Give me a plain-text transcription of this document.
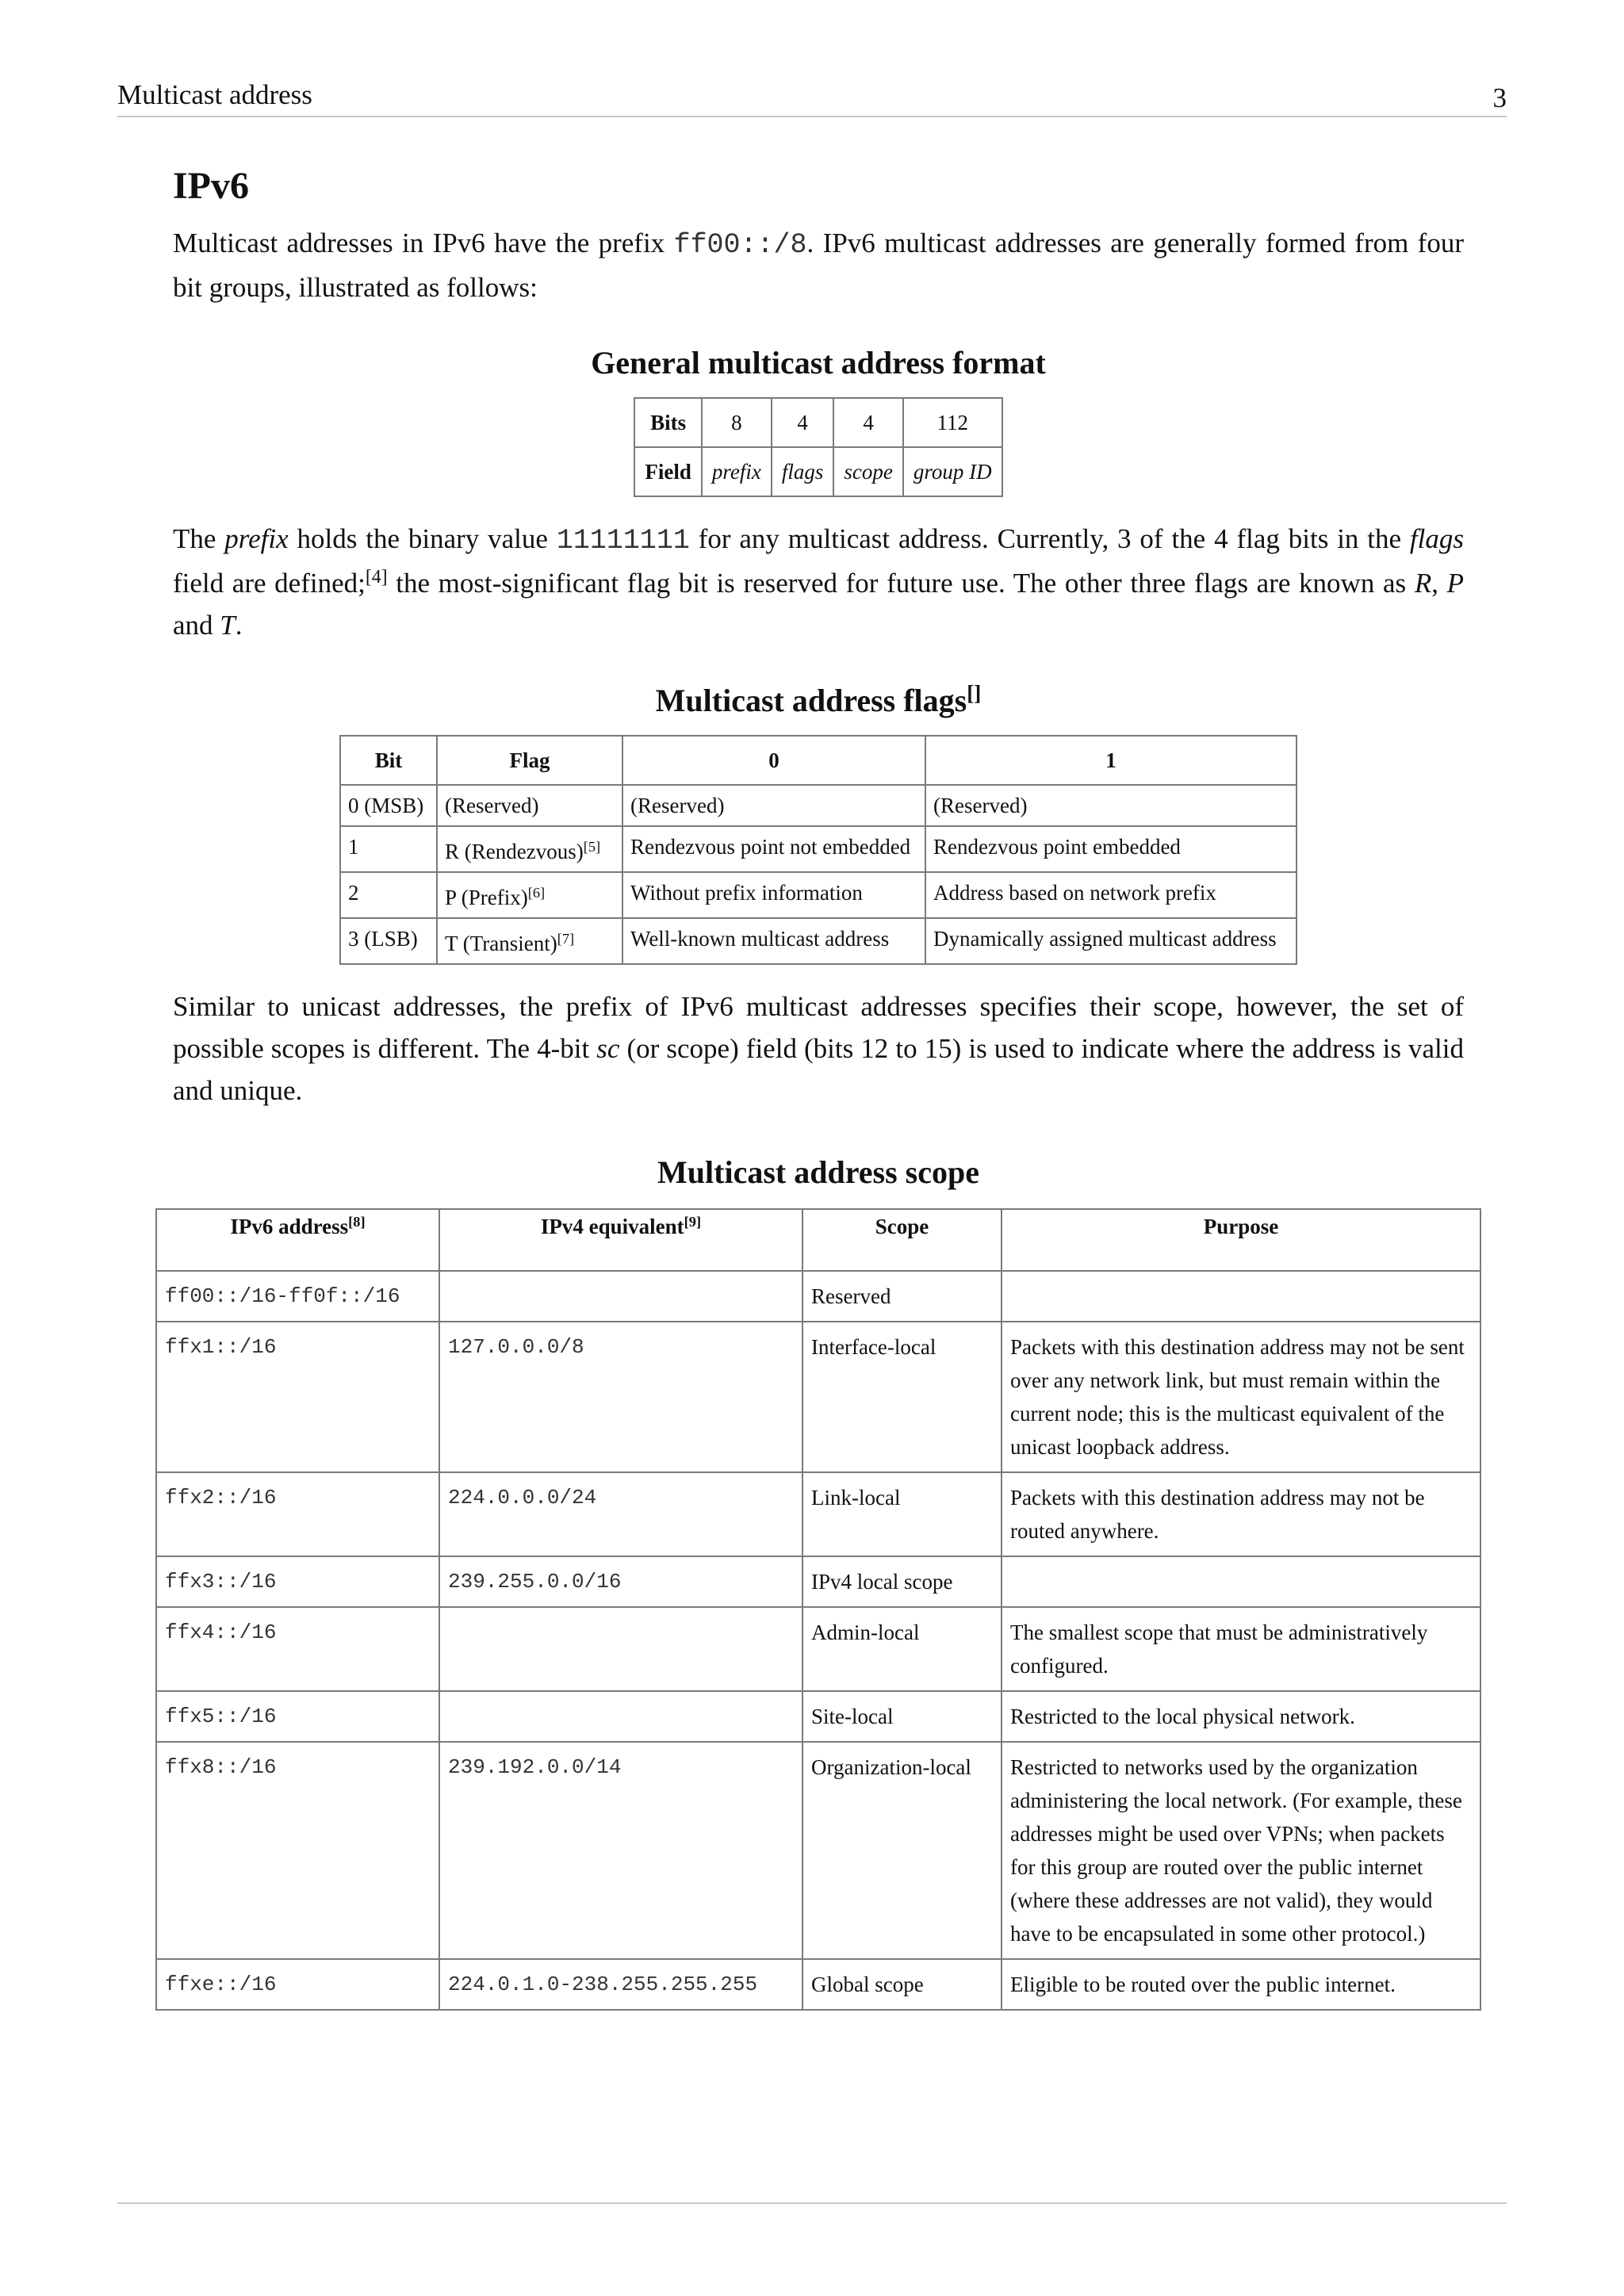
Multicast address	3
IPv6

Multicast addresses in IPv6 have the prefix ff00::/8. IPv6 multicast addresses are generally formed from four bit groups, illustrated as follows:

General multicast address format
Bits	8	4	4	112
Field	prefix	flags	scope	group ID

The prefix holds the binary value 11111111 for any multicast address. Currently, 3 of the 4 flag bits in the flags field are defined;[4] the most-significant flag bit is reserved for future use. The other three flags are known as R, P and T.

Multicast address flags[]
Bit	Flag	0	1
0 (MSB)	(Reserved)	(Reserved)	(Reserved)
1	R (Rendezvous)[5]	Rendezvous point not embedded	Rendezvous point embedded
2	P (Prefix)[6]	Without prefix information	Address based on network prefix
3 (LSB)	T (Transient)[7]	Well-known multicast address	Dynamically assigned multicast address

Similar to unicast addresses, the prefix of IPv6 multicast addresses specifies their scope, however, the set of possible scopes is different. The 4-bit sc (or scope) field (bits 12 to 15) is used to indicate where the address is valid and unique.

Multicast address scope
IPv6 address[8]	IPv4 equivalent[9]	Scope	Purpose
ff00::/16-ff0f::/16		Reserved	
ffx1::/16	127.0.0.0/8	Interface-local	Packets with this destination address may not be sent over any network link, but must remain within the current node; this is the multicast equivalent of the unicast loopback address.
ffx2::/16	224.0.0.0/24	Link-local	Packets with this destination address may not be routed anywhere.
ffx3::/16	239.255.0.0/16	IPv4 local scope	
ffx4::/16		Admin-local	The smallest scope that must be administratively configured.
ffx5::/16		Site-local	Restricted to the local physical network.
ffx8::/16	239.192.0.0/14	Organization-local	Restricted to networks used by the organization administering the local network. (For example, these addresses might be used over VPNs; when packets for this group are routed over the public internet (where these addresses are not valid), they would have to be encapsulated in some other protocol.)
ffxe::/16	224.0.1.0-238.255.255.255	Global scope	Eligible to be routed over the public internet.
